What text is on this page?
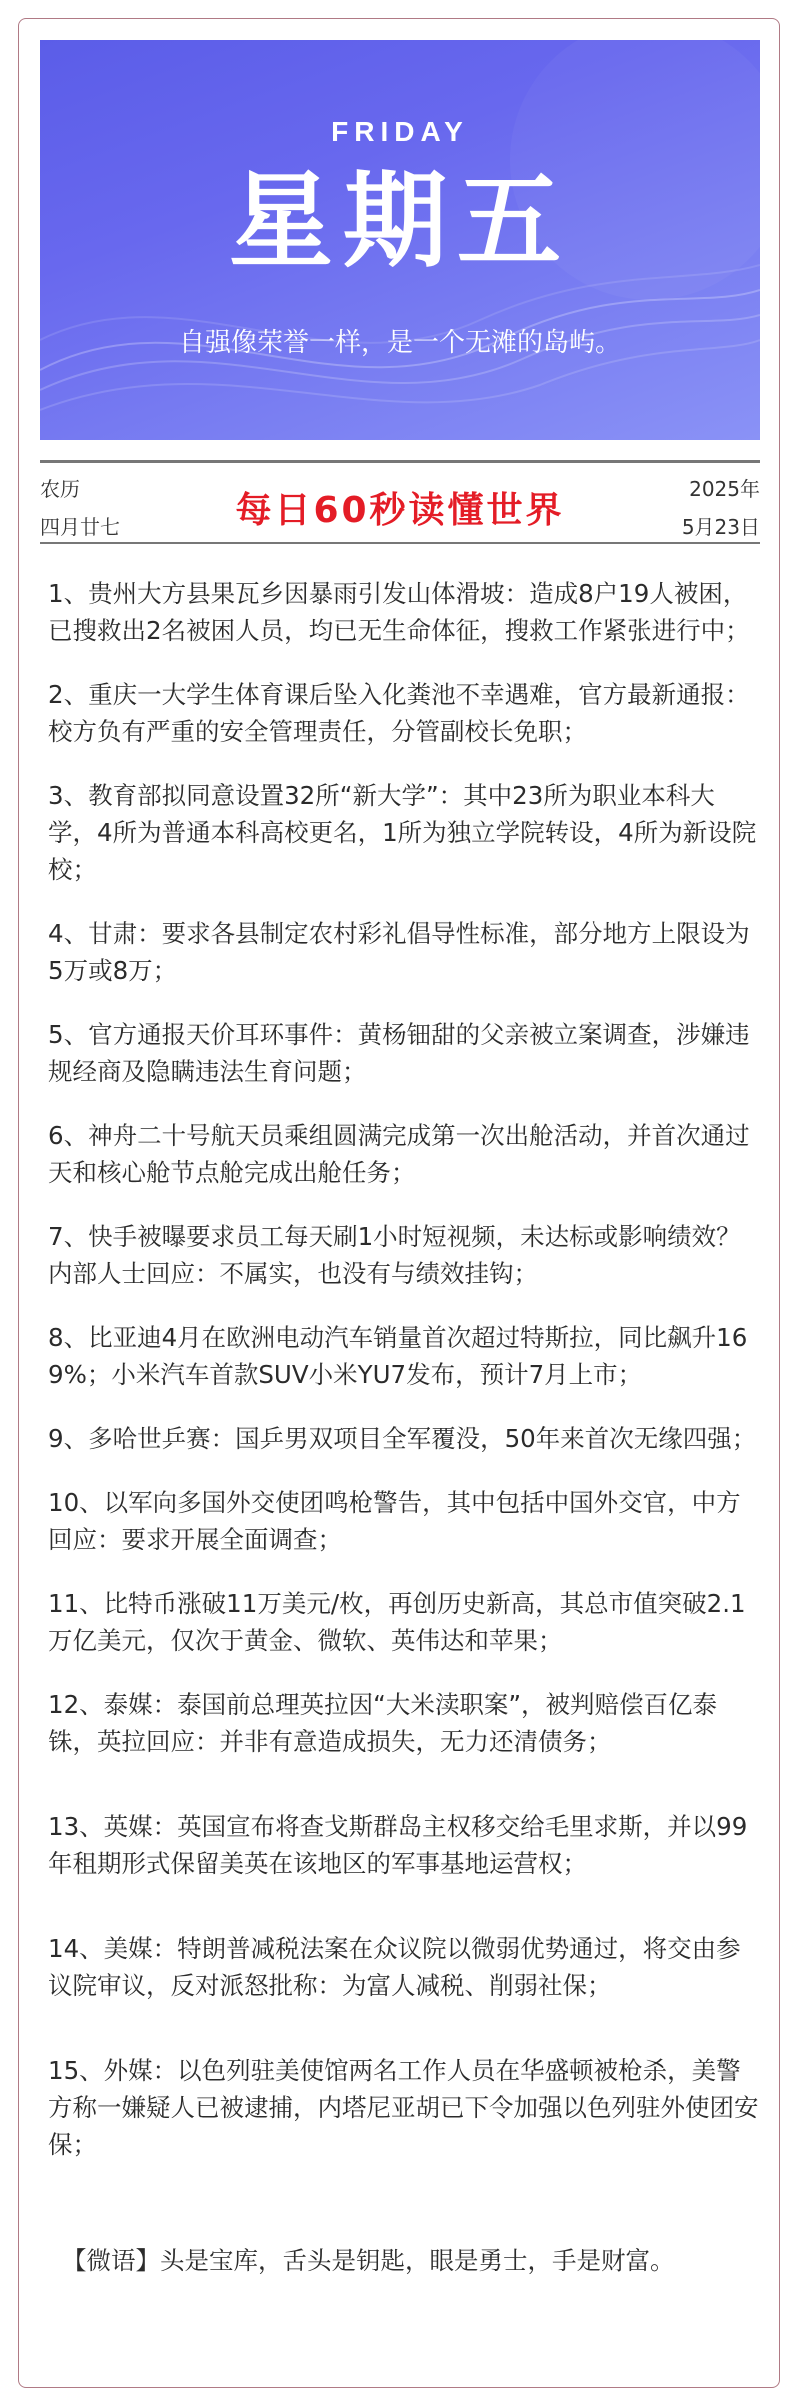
FRIDAY
星期五
自强像荣誉一样，是一个无滩的岛屿。
农历
四月廿七	每日60秒读懂世界
2025年
5月23日
1、贵州大方县果瓦乡因暴雨引发山体滑坡：造成8户19人被困，已搜救出2名被困人员，均已无生命体征，搜救工作紧张进行中；
2、重庆一大学生体育课后坠入化粪池不幸遇难，官方最新通报：校方负有严重的安全管理责任，分管副校长免职；
3、教育部拟同意设置32所“新大学”：其中23所为职业本科大学，4所为普通本科高校更名，1所为独立学院转设，4所为新设院校；
4、甘肃：要求各县制定农村彩礼倡导性标准，部分地方上限设为5万或8万；
5、官方通报天价耳环事件：黄杨钿甜的父亲被立案调查，涉嫌违规经商及隐瞒违法生育问题；
6、神舟二十号航天员乘组圆满完成第一次出舱活动，并首次通过天和核心舱节点舱完成出舱任务；
7、快手被曝要求员工每天刷1小时短视频，未达标或影响绩效？内部人士回应：不属实，也没有与绩效挂钩；
8、比亚迪4月在欧洲电动汽车销量首次超过特斯拉，同比飙升169%；小米汽车首款SUV小米YU7发布，预计7月上市；
9、多哈世乒赛：国乒男双项目全军覆没，50年来首次无缘四强；
10、以军向多国外交使团鸣枪警告，其中包括中国外交官，中方回应：要求开展全面调查；
11、比特币涨破11万美元/枚，再创历史新高，其总市值突破2.1万亿美元，仅次于黄金、微软、英伟达和苹果；
12、泰媒：泰国前总理英拉因“大米渎职案”，被判赔偿百亿泰铢，英拉回应：并非有意造成损失，无力还清债务；
13、英媒：英国宣布将查戈斯群岛主权移交给毛里求斯，并以99年租期形式保留美英在该地区的军事基地运营权；
14、美媒：特朗普减税法案在众议院以微弱优势通过，将交由参议院审议，反对派怒批称：为富人减税、削弱社保；
15、外媒：以色列驻美使馆两名工作人员在华盛顿被枪杀，美警方称一嫌疑人已被逮捕，内塔尼亚胡已下令加强以色列驻外使团安保；
【微语】头是宝库，舌头是钥匙，眼是勇士，手是财富。
